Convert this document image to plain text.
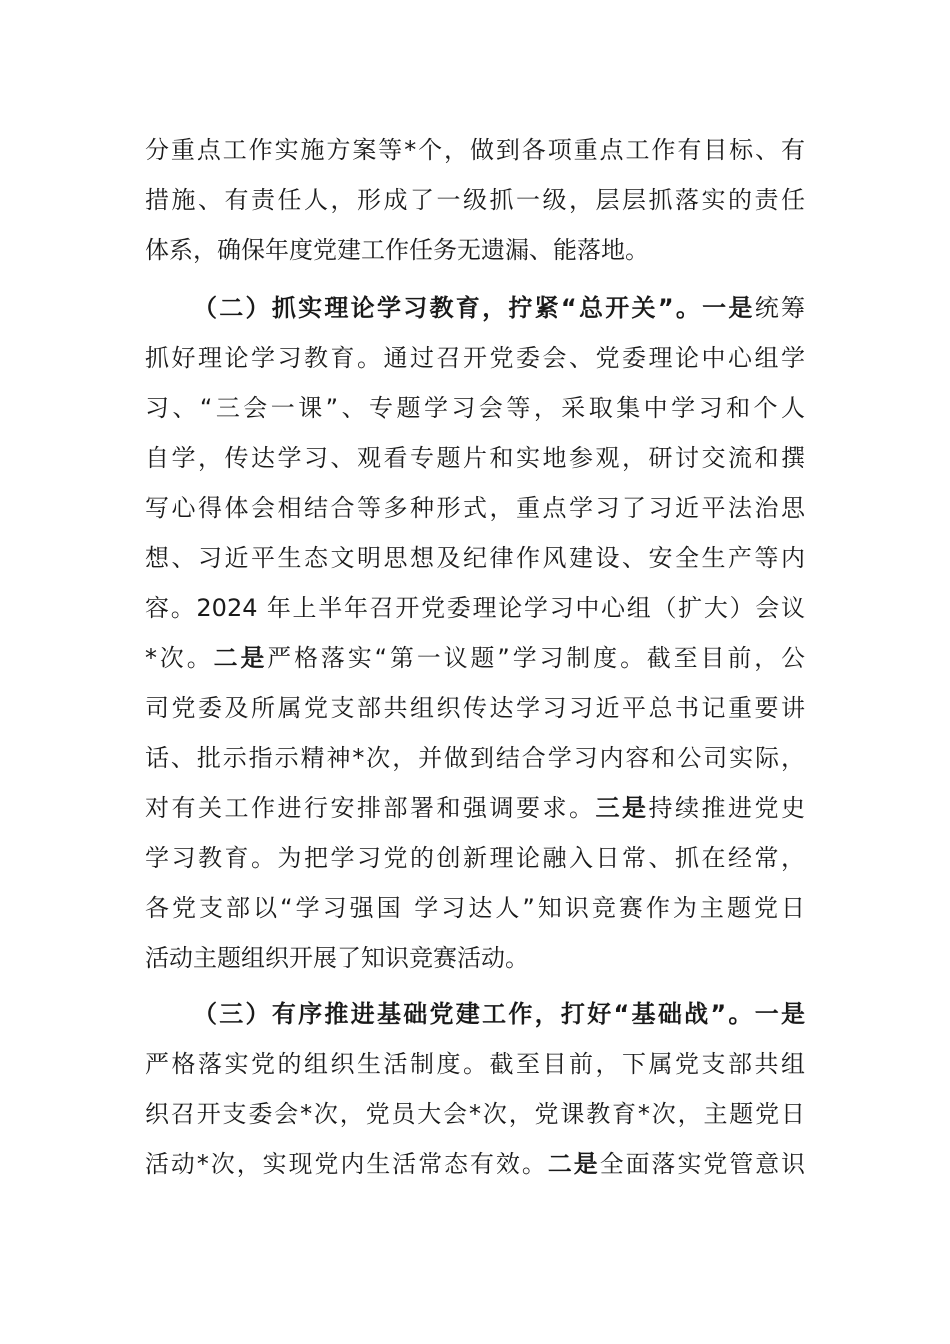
分重点工作实施方案等*个，做到各项重点工作有目标、有
措施、有责任人，形成了一级抓一级，层层抓落实的责任
体系，确保年度党建工作任务无遗漏、能落地。
（二）抓实理论学习教育，拧紧“总开关”。一是统筹
抓好理论学习教育。通过召开党委会、党委理论中心组学
习、“三会一课”、专题学习会等，采取集中学习和个人
自学，传达学习、观看专题片和实地参观，研讨交流和撰
写心得体会相结合等多种形式，重点学习了习近平法治思
想、习近平生态文明思想及纪律作风建设、安全生产等内
容。2024 年上半年召开党委理论学习中心组（扩大）会议
*次。二是严格落实“第一议题”学习制度。截至目前，公
司党委及所属党支部共组织传达学习习近平总书记重要讲
话、批示指示精神*次，并做到结合学习内容和公司实际，
对有关工作进行安排部署和强调要求。三是持续推进党史
学习教育。为把学习党的创新理论融入日常、抓在经常，
各党支部以“学习强国 学习达人”知识竞赛作为主题党日
活动主题组织开展了知识竞赛活动。
（三）有序推进基础党建工作，打好“基础战”。一是
严格落实党的组织生活制度。截至目前，下属党支部共组
织召开支委会*次，党员大会*次，党课教育*次，主题党日
活动*次，实现党内生活常态有效。二是全面落实党管意识
